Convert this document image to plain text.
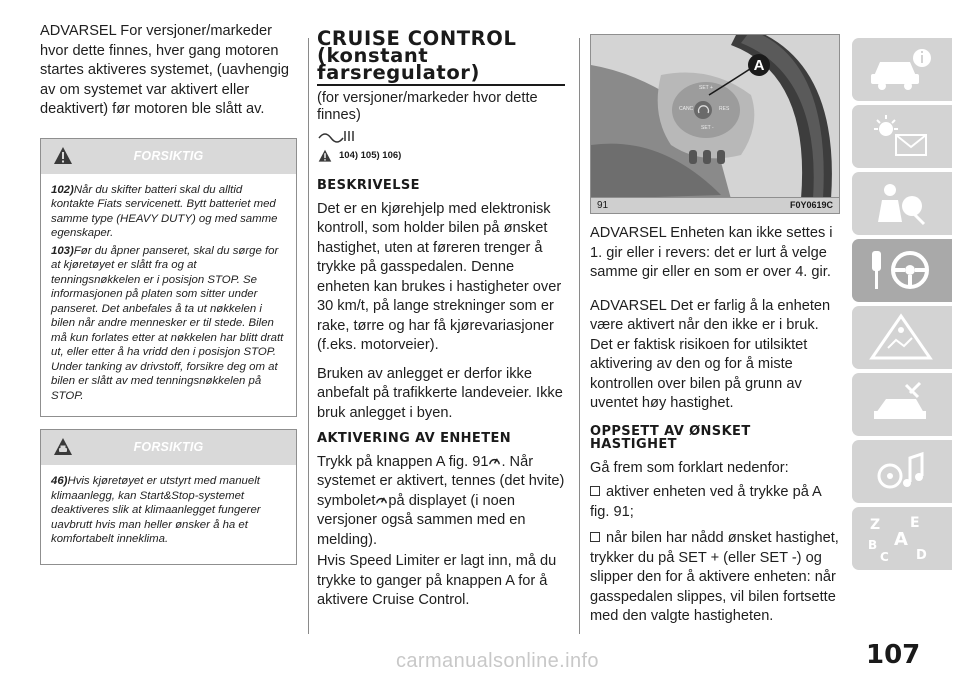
ADVARSEL For versjoner/markeder hvor dette finnes, hver gang motoren startes aktiveres systemet, (uavhengig av om systemet var aktivert eller deaktivert) før motoren ble slått av.

FORSIKTIG

102)Når du skifter batteri skal du alltid kontakte Fiats servicenett. Bytt batteriet med samme type (HEAVY DUTY) og med samme egenskaper.

103)Før du åpner panseret, skal du sørge for at kjøretøyet er slått fra og at tenningsnøkkelen er i posisjon STOP. Se informasjonen på platen som sitter under panseret. Det anbefales å ta ut nøkkelen i bilen når andre mennesker er til stede. Bilen må kun forlates etter at nøkkelen har blitt dratt ut, eller etter å ha vridd den i posisjon STOP. Under tanking av drivstoff, forsikre deg om at bilen er slått av med tenningsnøkkelen på STOP.

FORSIKTIG

46)Hvis kjøretøyet er utstyrt med manuelt klimaanlegg, kan Start&Stop-systemet deaktiveres slik at klimaanlegget fungerer uavbrutt hvis man heller ønsker å ha et komfortabelt inneklima.

CRUISE CONTROL
(konstant
farsregulator)

(for versjoner/markeder hvor dette finnes)

104) 105) 106)
BESKRIVELSE

Det er en kjørehjelp med elektronisk kontroll, som holder bilen på ønsket hastighet, uten at føreren trenger å trykke på gasspedalen. Denne enheten kan brukes i hastigheter over 30 km/t, på lange strekninger som er rake, tørre og har få kjørevariasjoner (f.eks. motorveier).

Bruken av anlegget er derfor ikke anbefalt på trafikkerte landeveier. Ikke bruk anlegget i byen.

AKTIVERING AV ENHETEN

Trykk på knappen A fig. 91 . Når systemet er aktivert, tennes (det hvite) symbolet på displayet (i noen versjoner også sammen med en melding).

Hvis Speed Limiter er lagt inn, må du trykke to ganger på knappen A for å aktivere Cruise Control.

A
SET +
CANC	RES
SET -
91	F0Y0619C

ADVARSEL Enheten kan ikke settes i 1. gir eller i revers: det er lurt å velge samme gir eller en som er over 4. gir.

ADVARSEL Det er farlig å la enheten være aktivert når den ikke er i bruk. Det er faktisk risikoen for utilsiktet aktivering av den og for å miste kontrollen over bilen på grunn av uventet høy hastighet.

OPPSETT AV ØNSKET
HASTIGHET

Gå frem som forklart nedenfor:

aktiver enheten ved å trykke på A fig. 91;

når bilen har nådd ønsket hastighet, trykker du på SET + (eller SET -) og slipper den for å aktivere enheten: når gasspedalen slippes, vil bilen fortsette med den valgte hastigheten.

Z E
A
B
C D
107
carmanualsonline.info
